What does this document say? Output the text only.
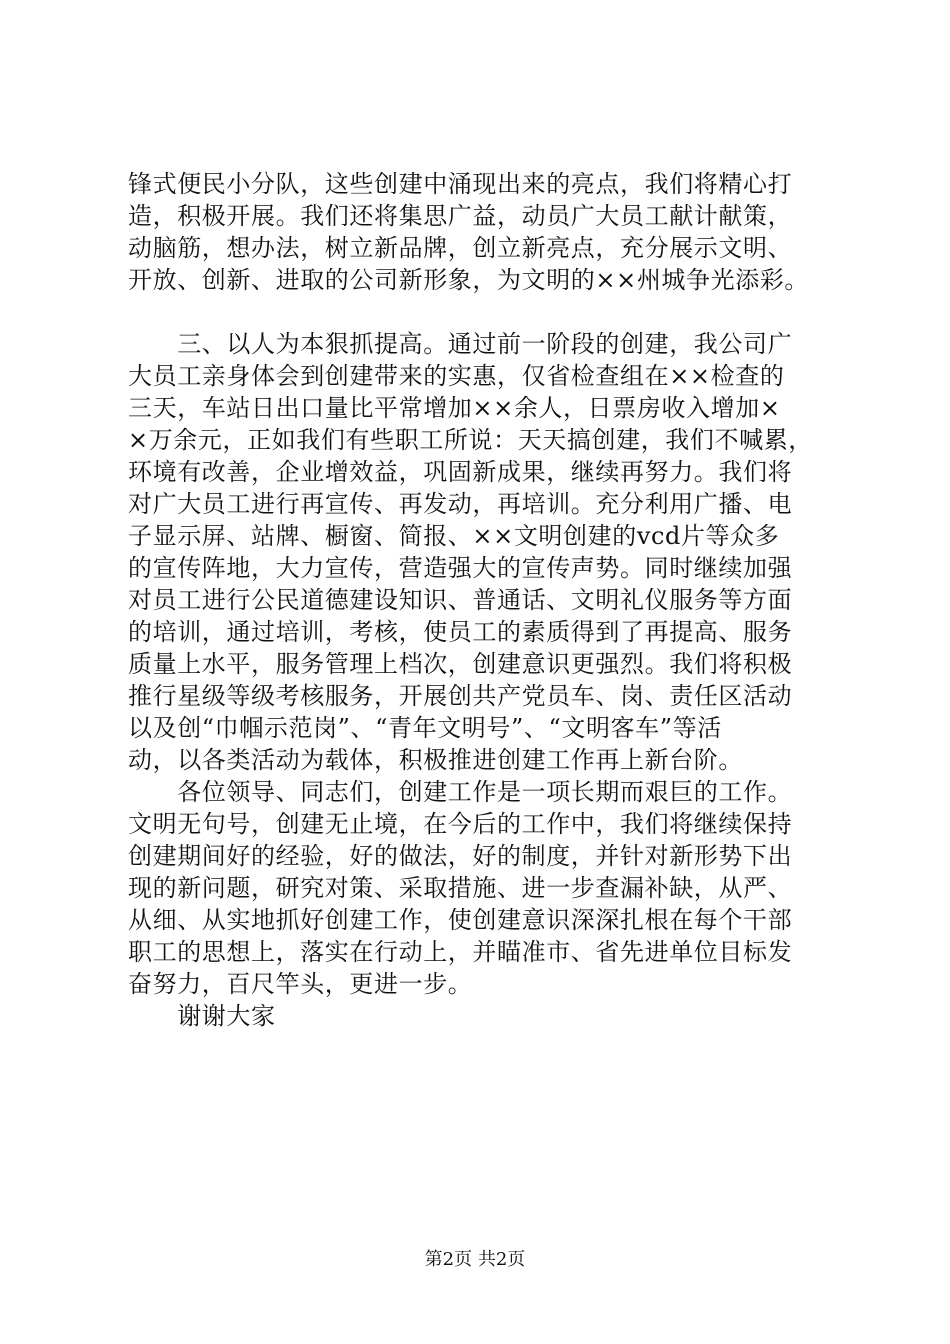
锋式便民小分队，这些创建中涌现出来的亮点，我们将精心打
造，积极开展。我们还将集思广益，动员广大员工献计献策，
动脑筋，想办法，树立新品牌，创立新亮点，充分展示文明、
开放、创新、进取的公司新形象，为文明的××州城争光添彩。

　　三、以人为本狠抓提高。通过前一阶段的创建，我公司广
大员工亲身体会到创建带来的实惠，仅省检查组在××检查的
三天，车站日出口量比平常增加××余人，日票房收入增加×
×万余元，正如我们有些职工所说：天天搞创建，我们不喊累，
环境有改善，企业增效益，巩固新成果，继续再努力。我们将
对广大员工进行再宣传、再发动，再培训。充分利用广播、电
子显示屏、站牌、橱窗、简报、××文明创建的vcd片等众多
的宣传阵地，大力宣传，营造强大的宣传声势。同时继续加强
对员工进行公民道德建设知识、普通话、文明礼仪服务等方面
的培训，通过培训，考核，使员工的素质得到了再提高、服务
质量上水平，服务管理上档次，创建意识更强烈。我们将积极
推行星级等级考核服务，开展创共产党员车、岗、责任区活动
以及创“巾帼示范岗”、“青年文明号”、“文明客车”等活
动，以各类活动为载体，积极推进创建工作再上新台阶。

　　各位领导、同志们，创建工作是一项长期而艰巨的工作。
文明无句号，创建无止境，在今后的工作中，我们将继续保持
创建期间好的经验，好的做法，好的制度，并针对新形势下出
现的新问题，研究对策、采取措施、进一步查漏补缺，从严、
从细、从实地抓好创建工作，使创建意识深深扎根在每个干部
职工的思想上，落实在行动上，并瞄准市、省先进单位目标发
奋努力，百尺竿头，更进一步。

　　谢谢大家

第2页 共2页
